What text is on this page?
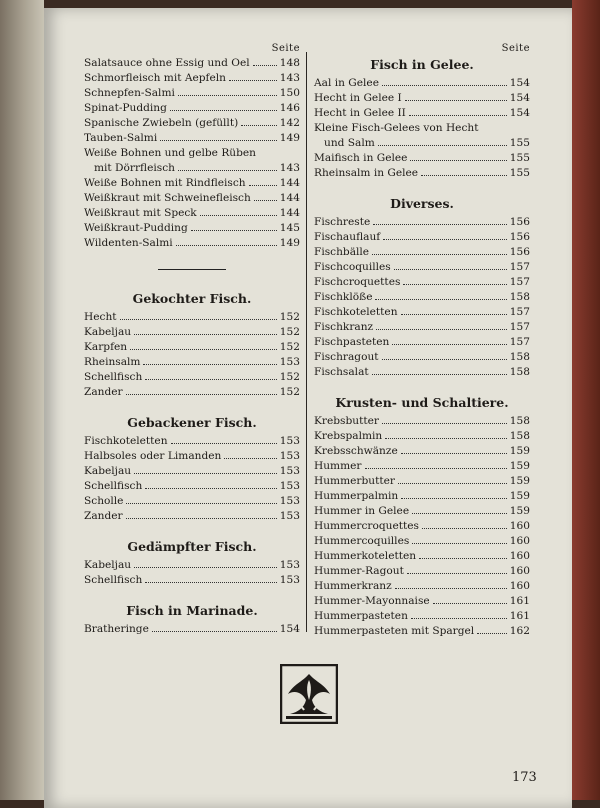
Seite
Salatsauce ohne Essig und Oel	148
Schmorfleisch mit Aepfeln	143
Schnepfen-Salmi	150
Spinat-Pudding	146
Spanische Zwiebeln (gefüllt)	142
Tauben-Salmi	149
Weiße Bohnen und gelbe Rüben
mit Dörrfleisch	143
Weiße Bohnen mit Rindfleisch	144
Weißkraut mit Schweinefleisch	144
Weißkraut mit Speck	144
Weißkraut-Pudding	145
Wildenten-Salmi	149
Gekochter Fisch.
Hecht	152
Kabeljau	152
Karpfen	152
Rheinsalm	153
Schellfisch	152
Zander	152
Gebackener Fisch.
Fischkoteletten	153
Halbsoles oder Limanden	153
Kabeljau	153
Schellfisch	153
Scholle	153
Zander	153
Gedämpfter Fisch.
Kabeljau	153
Schellfisch	153
Fisch in Marinade.
Bratheringe	154
Seite
Fisch in Gelee.
Aal in Gelee	154
Hecht in Gelee I	154
Hecht in Gelee II	154
Kleine Fisch-Gelees von Hecht
und Salm	155
Maifisch in Gelee	155
Rheinsalm in Gelee	155
Diverses.
Fischreste	156
Fischauflauf	156
Fischbälle	156
Fischcoquilles	157
Fischcroquettes	157
Fischklöße	158
Fischkoteletten	157
Fischkranz	157
Fischpasteten	157
Fischragout	158
Fischsalat	158
Krusten- und Schaltiere.
Krebsbutter	158
Krebspalmin	158
Krebsschwänze	159
Hummer	159
Hummerbutter	159
Hummerpalmin	159
Hummer in Gelee	159
Hummercroquettes	160
Hummercoquilles	160
Hummerkoteletten	160
Hummer-Ragout	160
Hummerkranz	160
Hummer-Mayonnaise	161
Hummerpasteten	161
Hummerpasteten mit Spargel	162
173
